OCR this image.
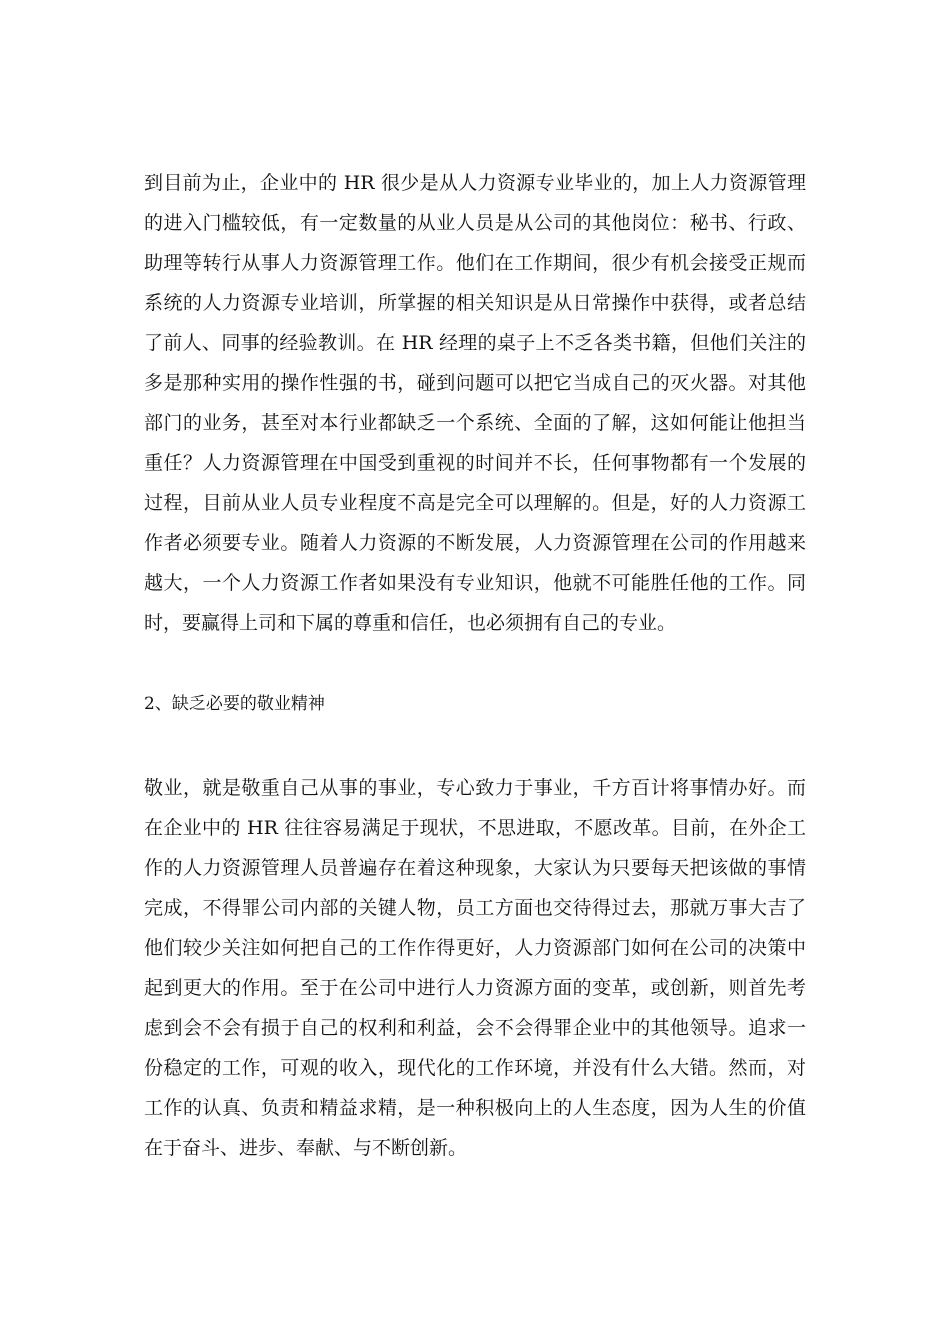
到目前为止，企业中的 HR 很少是从人力资源专业毕业的，加上人力资源管理
的进入门槛较低，有一定数量的从业人员是从公司的其他岗位：秘书、行政、
助理等转行从事人力资源管理工作。他们在工作期间，很少有机会接受正规而
系统的人力资源专业培训，所掌握的相关知识是从日常操作中获得，或者总结
了前人、同事的经验教训。在 HR 经理的桌子上不乏各类书籍，但他们关注的
多是那种实用的操作性强的书，碰到问题可以把它当成自己的灭火器。对其他
部门的业务，甚至对本行业都缺乏一个系统、全面的了解，这如何能让他担当
重任？人力资源管理在中国受到重视的时间并不长，任何事物都有一个发展的
过程，目前从业人员专业程度不高是完全可以理解的。但是，好的人力资源工
作者必须要专业。随着人力资源的不断发展，人力资源管理在公司的作用越来
越大，一个人力资源工作者如果没有专业知识，他就不可能胜任他的工作。同
时，要赢得上司和下属的尊重和信任，也必须拥有自己的专业。
2、缺乏必要的敬业精神
敬业，就是敬重自己从事的事业，专心致力于事业，千方百计将事情办好。而
在企业中的 HR 往往容易满足于现状，不思进取，不愿改革。目前，在外企工
作的人力资源管理人员普遍存在着这种现象，大家认为只要每天把该做的事情
完成，不得罪公司内部的关键人物，员工方面也交待得过去，那就万事大吉了
他们较少关注如何把自己的工作作得更好，人力资源部门如何在公司的决策中
起到更大的作用。至于在公司中进行人力资源方面的变革，或创新，则首先考
虑到会不会有损于自己的权利和利益，会不会得罪企业中的其他领导。追求一
份稳定的工作，可观的收入，现代化的工作环境，并没有什么大错。然而，对
工作的认真、负责和精益求精，是一种积极向上的人生态度，因为人生的价值
在于奋斗、进步、奉献、与不断创新。
